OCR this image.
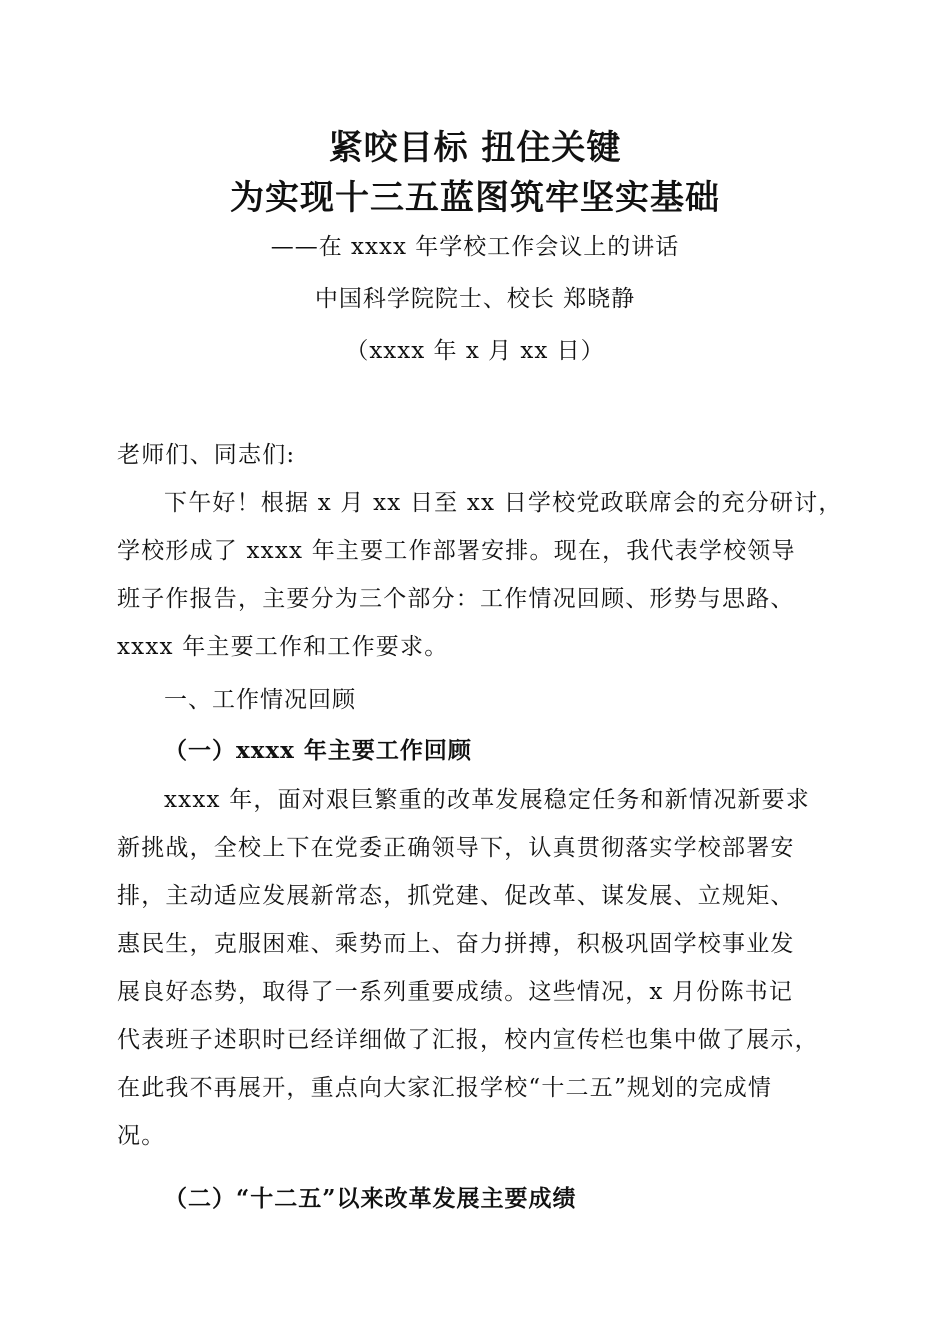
紧咬目标 扭住关键
为实现十三五蓝图筑牢坚实基础
——在 xxxx 年学校工作会议上的讲话
中国科学院院士、校长 郑晓静
（xxxx 年 x 月 xx 日）
老师们、同志们:
下午好！根据 x 月 xx 日至 xx 日学校党政联席会的充分研讨，
学校形成了 xxxx 年主要工作部署安排。现在，我代表学校领导
班子作报告，主要分为三个部分：工作情况回顾、形势与思路、
xxxx 年主要工作和工作要求。
一、工作情况回顾
（一）xxxx 年主要工作回顾
xxxx 年，面对艰巨繁重的改革发展稳定任务和新情况新要求
新挑战，全校上下在党委正确领导下，认真贯彻落实学校部署安
排，主动适应发展新常态，抓党建、促改革、谋发展、立规矩、
惠民生，克服困难、乘势而上、奋力拼搏，积极巩固学校事业发
展良好态势，取得了一系列重要成绩。这些情况，x 月份陈书记
代表班子述职时已经详细做了汇报，校内宣传栏也集中做了展示，
在此我不再展开，重点向大家汇报学校“十二五”规划的完成情
况。
（二）“十二五”以来改革发展主要成绩
